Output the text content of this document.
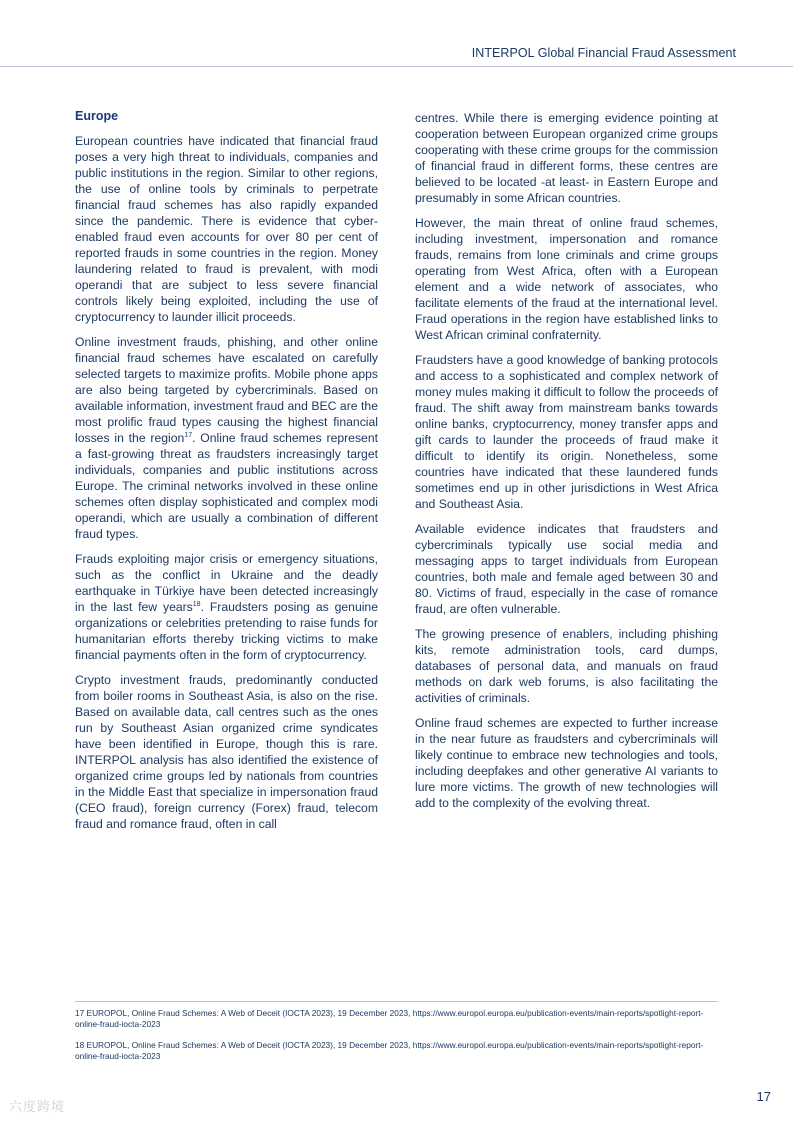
INTERPOL Global Financial Fraud Assessment
Europe

European countries have indicated that financial fraud poses a very high threat to individuals, companies and public institutions in the region. Similar to other regions, the use of online tools by criminals to perpetrate financial fraud schemes has also rapidly expanded since the pandemic. There is evidence that cyber-enabled fraud even accounts for over 80 per cent of reported frauds in some countries in the region. Money laundering related to fraud is prevalent, with modi operandi that are subject to less severe financial controls likely being exploited, including the use of cryptocurrency to launder illicit proceeds.

Online investment frauds, phishing, and other online financial fraud schemes have escalated on carefully selected targets to maximize profits. Mobile phone apps are also being targeted by cybercriminals. Based on available information, investment fraud and BEC are the most prolific fraud types causing the highest financial losses in the region$^{17}$. Online fraud schemes represent a fast-growing threat as fraudsters increasingly target individuals, companies and public institutions across Europe. The criminal networks involved in these online schemes often display sophisticated and complex modi operandi, which are usually a combination of different fraud types.

Frauds exploiting major crisis or emergency situations, such as the conflict in Ukraine and the deadly earthquake in Türkiye have been detected increasingly in the last few years$^{18}$. Fraudsters posing as genuine organizations or celebrities pretending to raise funds for humanitarian efforts thereby tricking victims to make financial payments often in the form of cryptocurrency.

Crypto investment frauds, predominantly conducted from boiler rooms in Southeast Asia, is also on the rise. Based on available data, call centres such as the ones run by Southeast Asian organized crime syndicates have been identified in Europe, though this is rare. INTERPOL analysis has also identified the existence of organized crime groups led by nationals from countries in the Middle East that specialize in impersonation fraud (CEO fraud), foreign currency (Forex) fraud, telecom fraud and romance fraud, often in call

centres. While there is emerging evidence pointing at cooperation between European organized crime groups cooperating with these crime groups for the commission of financial fraud in different forms, these centres are believed to be located -at least- in Eastern Europe and presumably in some African countries.

However, the main threat of online fraud schemes, including investment, impersonation and romance frauds, remains from lone criminals and crime groups operating from West Africa, often with a European element and a wide network of associates, who facilitate elements of the fraud at the international level. Fraud operations in the region have established links to West African criminal confraternity.

Fraudsters have a good knowledge of banking protocols and access to a sophisticated and complex network of money mules making it difficult to follow the proceeds of fraud. The shift away from mainstream banks towards online banks, cryptocurrency, money transfer apps and gift cards to launder the proceeds of fraud make it difficult to identify its origin. Nonetheless, some countries have indicated that these laundered funds sometimes end up in other jurisdictions in West Africa and Southeast Asia.

Available evidence indicates that fraudsters and cybercriminals typically use social media and messaging apps to target individuals from European countries, both male and female aged between 30 and 80. Victims of fraud, especially in the case of romance fraud, are often vulnerable.

The growing presence of enablers, including phishing kits, remote administration tools, card dumps, databases of personal data, and manuals on fraud methods on dark web forums, is also facilitating the activities of criminals.

Online fraud schemes are expected to further increase in the near future as fraudsters and cybercriminals will likely continue to embrace new technologies and tools, including deepfakes and other generative AI variants to lure more victims. The growth of new technologies will add to the complexity of the evolving threat.

17 EUROPOL, Online Fraud Schemes: A Web of Deceit (IOCTA 2023), 19 December 2023, https://www.europol.europa.eu/publication-events/main-reports/spotlight-report-online-fraud-iocta-2023
18 EUROPOL, Online Fraud Schemes: A Web of Deceit (IOCTA 2023), 19 December 2023, https://www.europol.europa.eu/publication-events/main-reports/spotlight-report-online-fraud-iocta-2023
六度跨境
17
